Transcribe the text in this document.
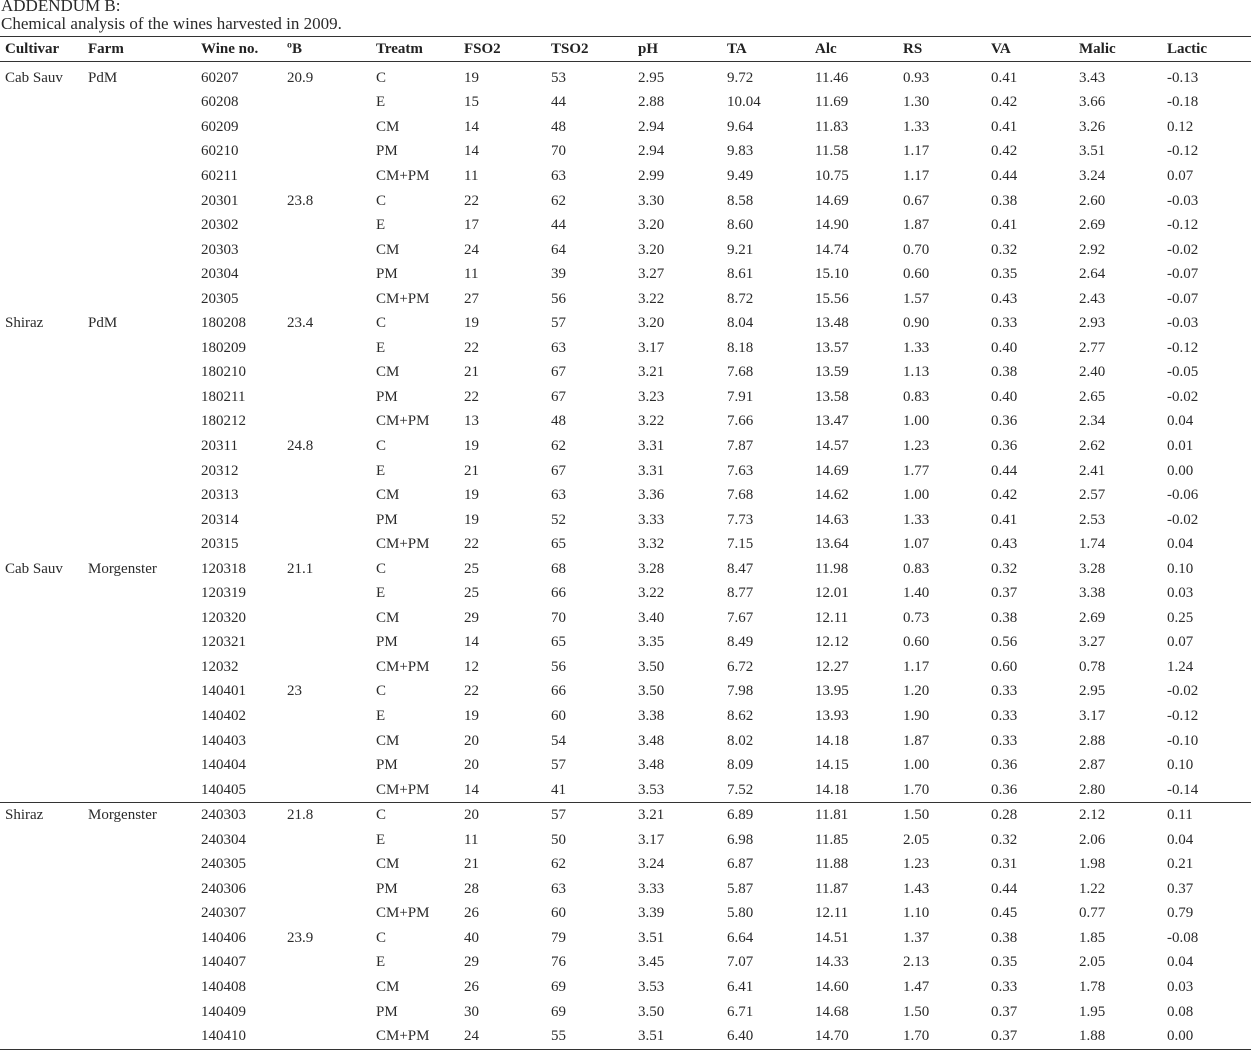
ADDENDUM B:
Chemical analysis of the wines harvested in 2009.
Cultivar	Farm	Wine no.	ºB	Treatm	FSO2	TSO2	pH	TA	Alc	RS	VA	Malic	Lactic
Cab Sauv	PdM	60207	20.9	C	19	53	2.95	9.72	11.46	0.93	0.41	3.43	-0.13
		60208		E	15	44	2.88	10.04	11.69	1.30	0.42	3.66	-0.18
		60209		CM	14	48	2.94	9.64	11.83	1.33	0.41	3.26	0.12
		60210		PM	14	70	2.94	9.83	11.58	1.17	0.42	3.51	-0.12
		60211		CM+PM	11	63	2.99	9.49	10.75	1.17	0.44	3.24	0.07
		20301	23.8	C	22	62	3.30	8.58	14.69	0.67	0.38	2.60	-0.03
		20302		E	17	44	3.20	8.60	14.90	1.87	0.41	2.69	-0.12
		20303		CM	24	64	3.20	9.21	14.74	0.70	0.32	2.92	-0.02
		20304		PM	11	39	3.27	8.61	15.10	0.60	0.35	2.64	-0.07
		20305		CM+PM	27	56	3.22	8.72	15.56	1.57	0.43	2.43	-0.07
Shiraz	PdM	180208	23.4	C	19	57	3.20	8.04	13.48	0.90	0.33	2.93	-0.03
		180209		E	22	63	3.17	8.18	13.57	1.33	0.40	2.77	-0.12
		180210		CM	21	67	3.21	7.68	13.59	1.13	0.38	2.40	-0.05
		180211		PM	22	67	3.23	7.91	13.58	0.83	0.40	2.65	-0.02
		180212		CM+PM	13	48	3.22	7.66	13.47	1.00	0.36	2.34	0.04
		20311	24.8	C	19	62	3.31	7.87	14.57	1.23	0.36	2.62	0.01
		20312		E	21	67	3.31	7.63	14.69	1.77	0.44	2.41	0.00
		20313		CM	19	63	3.36	7.68	14.62	1.00	0.42	2.57	-0.06
		20314		PM	19	52	3.33	7.73	14.63	1.33	0.41	2.53	-0.02
		20315		CM+PM	22	65	3.32	7.15	13.64	1.07	0.43	1.74	0.04
Cab Sauv	Morgenster	120318	21.1	C	25	68	3.28	8.47	11.98	0.83	0.32	3.28	0.10
		120319		E	25	66	3.22	8.77	12.01	1.40	0.37	3.38	0.03
		120320		CM	29	70	3.40	7.67	12.11	0.73	0.38	2.69	0.25
		120321		PM	14	65	3.35	8.49	12.12	0.60	0.56	3.27	0.07
		12032		CM+PM	12	56	3.50	6.72	12.27	1.17	0.60	0.78	1.24
		140401	23	C	22	66	3.50	7.98	13.95	1.20	0.33	2.95	-0.02
		140402		E	19	60	3.38	8.62	13.93	1.90	0.33	3.17	-0.12
		140403		CM	20	54	3.48	8.02	14.18	1.87	0.33	2.88	-0.10
		140404		PM	20	57	3.48	8.09	14.15	1.00	0.36	2.87	0.10
		140405		CM+PM	14	41	3.53	7.52	14.18	1.70	0.36	2.80	-0.14
Shiraz	Morgenster	240303	21.8	C	20	57	3.21	6.89	11.81	1.50	0.28	2.12	0.11
		240304		E	11	50	3.17	6.98	11.85	2.05	0.32	2.06	0.04
		240305		CM	21	62	3.24	6.87	11.88	1.23	0.31	1.98	0.21
		240306		PM	28	63	3.33	5.87	11.87	1.43	0.44	1.22	0.37
		240307		CM+PM	26	60	3.39	5.80	12.11	1.10	0.45	0.77	0.79
		140406	23.9	C	40	79	3.51	6.64	14.51	1.37	0.38	1.85	-0.08
		140407		E	29	76	3.45	7.07	14.33	2.13	0.35	2.05	0.04
		140408		CM	26	69	3.53	6.41	14.60	1.47	0.33	1.78	0.03
		140409		PM	30	69	3.50	6.71	14.68	1.50	0.37	1.95	0.08
		140410		CM+PM	24	55	3.51	6.40	14.70	1.70	0.37	1.88	0.00
